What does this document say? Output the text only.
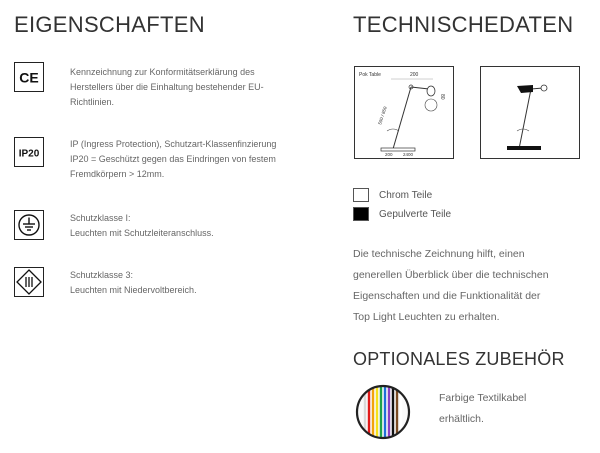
EIGENSCHAFTEN
CE	Kennzeichnung zur Konformitätserklärung des
Herstellers über die Einhaltung bestehender EU-
Richtlinien.
IP20
IP (Ingress Protection), Schutzart-Klassenfinzierung
IP20 = Geschützt gegen das Eindringen von festem
Fremdkörpern > 12mm.
Schutzklasse I:
Leuchten mit Schutzleiteranschluss.
Schutzklasse 3:
Leuchten mit Niedervoltbereich.
TECHNISCHEDATEN
Pok Table	200
80
550 / 850
200 2400
Chrom Teile
Gepulverte Teile
Die technische Zeichnung hilft, einen
generellen Überblick über die technischen
Eigenschaften und die Funktionalität der
Top Light Leuchten zu erhalten.
OPTIONALES ZUBEHÖR
Farbige Textilkabel
erhältlich.
